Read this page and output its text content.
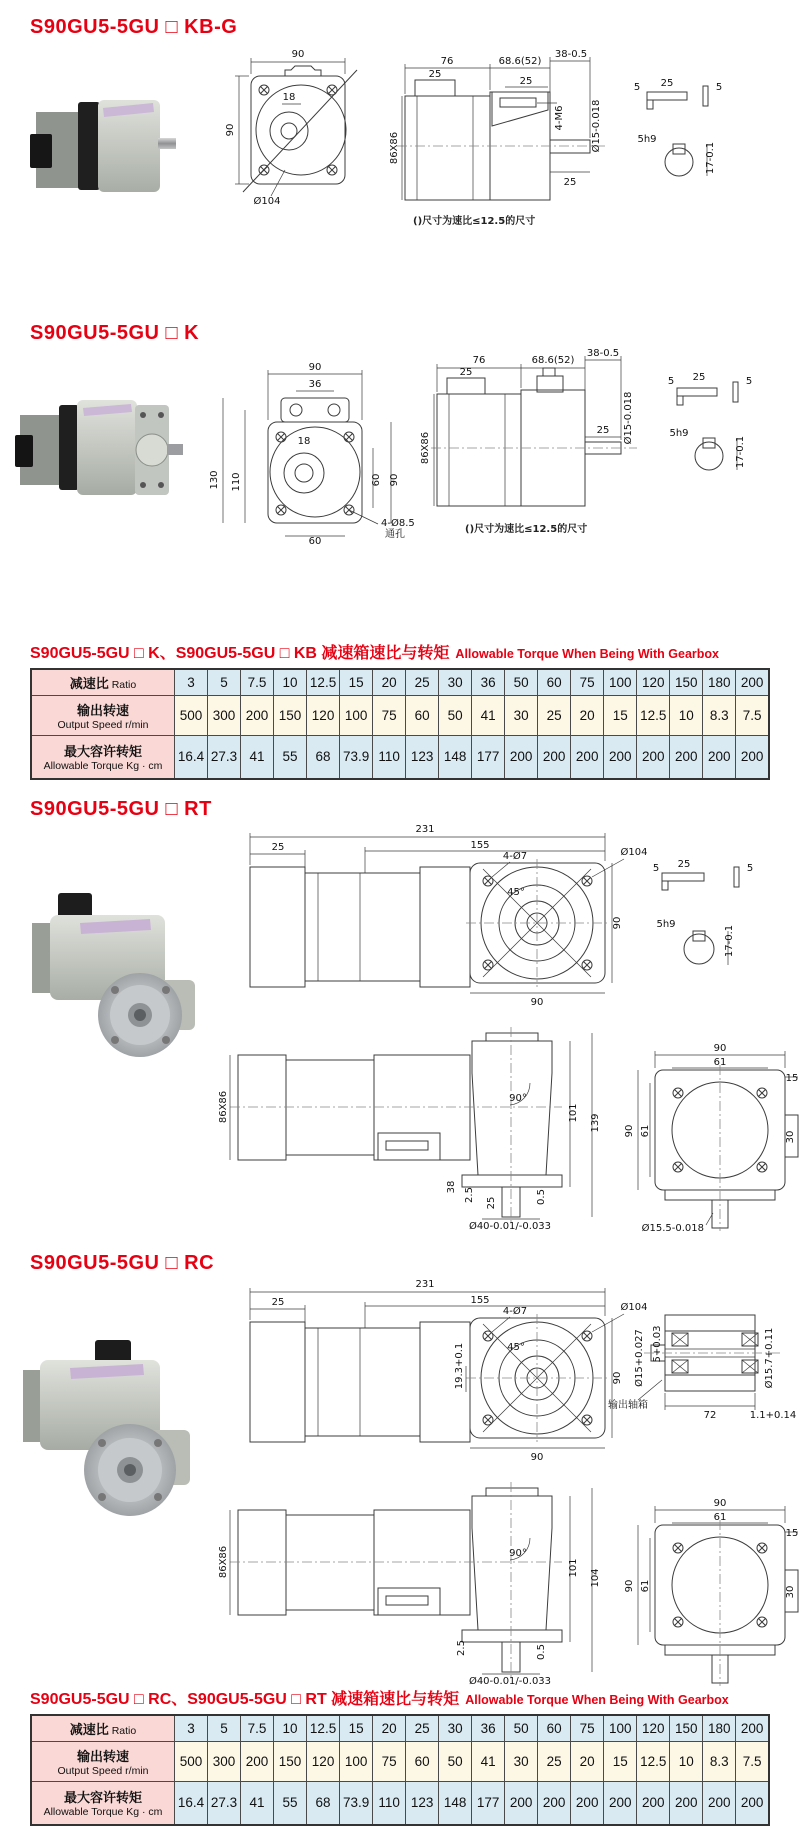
S90GU5-5GU □ KB-G
90
90
18
Ø104
76	68.6(52)
38-0.5
25
25
4-M6	Ø15-0.018
86X86
25
()尺寸为速比≤12.5的尺寸
5 25	5
5h9
17-0.1
S90GU5-5GU □ K
90
36
130 110
18
60 90
60
4-Ø8.5
通孔
76	68.6(52)
38-0.5
25
25 Ø15-0.018
86X86
()尺寸为速比≤12.5的尺寸
5 25	5
5h9
17-0.1
S90GU5-5GU □ K、S90GU5-5GU □ KB 减速箱速比与转矩 Allowable Torque When Being With Gearbox
减速比 Ratio	3	5	7.5	10	12.5	15	20	25	30	36	50	60	75	100	120	150	180	200

输出转速
Output Speed r/min	500	300	200	150	120	100	75	60	50	41	30	25	20	15	12.5	10	8.3	7.5

最大容许转矩
Allowable Torque Kg · cm	16.4	27.3	41	55	68	73.9	110	123	148	177	200	200	200	200	200	200	200	200
S90GU5-5GU □ RT
231
25	155
4-Ø7
45°
Ø104
90
90
5 25	5
5h9
17-0.1
86X86	90°
101
139
38
2.5
25	0.5
Ø40-0.01/-0.033
90
61
90 61
15
30
Ø15.5-0.018
S90GU5-5GU □ RC
231
25	155
4-Ø7
45°
Ø104
19.3+0.1	90
90
Ø15+0.027 5+0.03	Ø15.7+0.11
输出轴箱
72	1.1+0.14
86X86	90°
101
104
2.5	0.5
Ø40-0.01/-0.033
90
61
90 61
15
30
S90GU5-5GU □ RC、S90GU5-5GU □ RT 减速箱速比与转矩 Allowable Torque When Being With Gearbox
减速比 Ratio	3	5	7.5	10	12.5	15	20	25	30	36	50	60	75	100	120	150	180	200

输出转速
Output Speed r/min	500	300	200	150	120	100	75	60	50	41	30	25	20	15	12.5	10	8.3	7.5

最大容许转矩
Allowable Torque Kg · cm	16.4	27.3	41	55	68	73.9	110	123	148	177	200	200	200	200	200	200	200	200
